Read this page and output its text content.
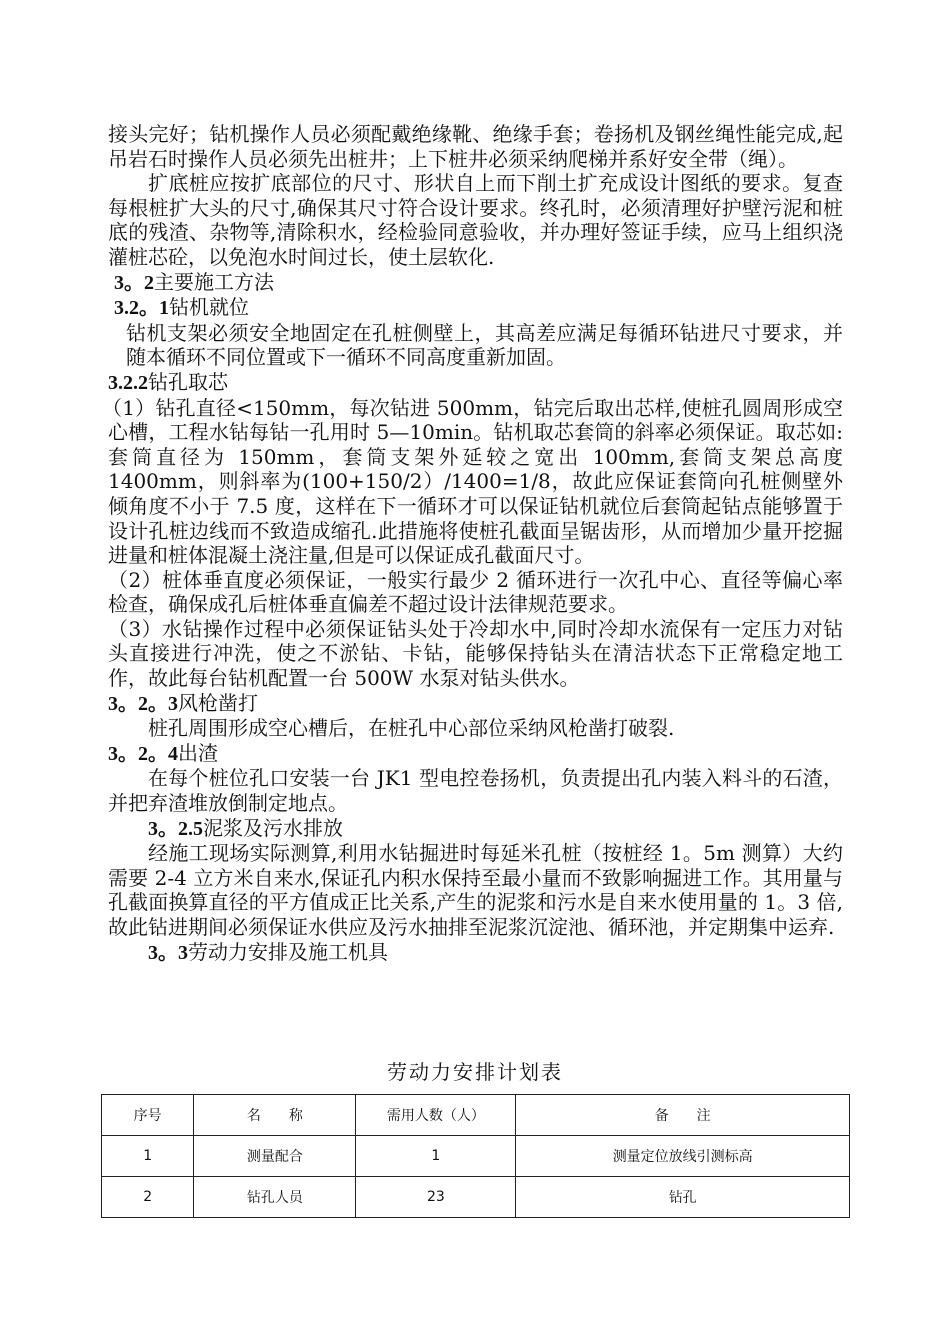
接头完好；钻机操作人员必须配戴绝缘靴、绝缘手套；卷扬机及钢丝绳性能完成,起吊岩石时操作人员必须先出桩井；上下桩井必须采纳爬梯并系好安全带（绳）。

扩底桩应按扩底部位的尺寸、形状自上而下削土扩充成设计图纸的要求。复查每根桩扩大头的尺寸,确保其尺寸符合设计要求。终孔时，必须清理好护壁污泥和桩底的残渣、杂物等,清除积水，经检验同意验收，并办理好签证手续，应马上组织浇灌桩芯砼，以免泡水时间过长，使土层软化.

3。2主要施工方法

3.2。1钻机就位

钻机支架必须安全地固定在孔桩侧壁上，其高差应满足每循环钻进尺寸要求，并随本循环不同位置或下一循环不同高度重新加固。

3.2.2钻孔取芯

（1）钻孔直径<150mm，每次钻进 500mm，钻完后取出芯样,使桩孔圆周形成空心槽，工程水钻每钻一孔用时 5—10min。钻机取芯套筒的斜率必须保证。取芯如:套筒直径为 150mm，套筒支架外延较之宽出 100mm,套筒支架总高度 1400mm，则斜率为(100+150/2）/1400=1/8，故此应保证套筒向孔桩侧壁外倾角度不小于 7.5 度，这样在下一循环才可以保证钻机就位后套筒起钻点能够置于设计孔桩边线而不致造成缩孔.此措施将使桩孔截面呈锯齿形，从而增加少量开挖掘进量和桩体混凝土浇注量,但是可以保证成孔截面尺寸。

（2）桩体垂直度必须保证，一般实行最少 2 循环进行一次孔中心、直径等偏心率检查，确保成孔后桩体垂直偏差不超过设计法律规范要求。

（3）水钻操作过程中必须保证钻头处于冷却水中,同时冷却水流保有一定压力对钻头直接进行冲洗，使之不淤钻、卡钻，能够保持钻头在清洁状态下正常稳定地工作，故此每台钻机配置一台 500W 水泵对钻头供水。

3。2。3风枪凿打

桩孔周围形成空心槽后，在桩孔中心部位采纳风枪凿打破裂.

3。2。4出渣

在每个桩位孔口安装一台 JK1 型电控卷扬机，负责提出孔内装入料斗的石渣，并把弃渣堆放倒制定地点。

3。2.5泥浆及污水排放

经施工现场实际测算,利用水钻掘进时每延米孔桩（按桩经 1。5m 测算）大约需要 2-4 立方米自来水,保证孔内积水保持至最小量而不致影响掘进工作。其用量与孔截面换算直径的平方值成正比关系,产生的泥浆和污水是自来水使用量的 1。3 倍,故此钻进期间必须保证水供应及污水抽排至泥浆沉淀池、循环池，并定期集中运弃.

3。3劳动力安排及施工机具

劳动力安排计划表
序号	名　　称	需用人数（人）	备　　注
1	测量配合	1	测量定位放线引测标高
2	钻孔人员	23	钻孔
